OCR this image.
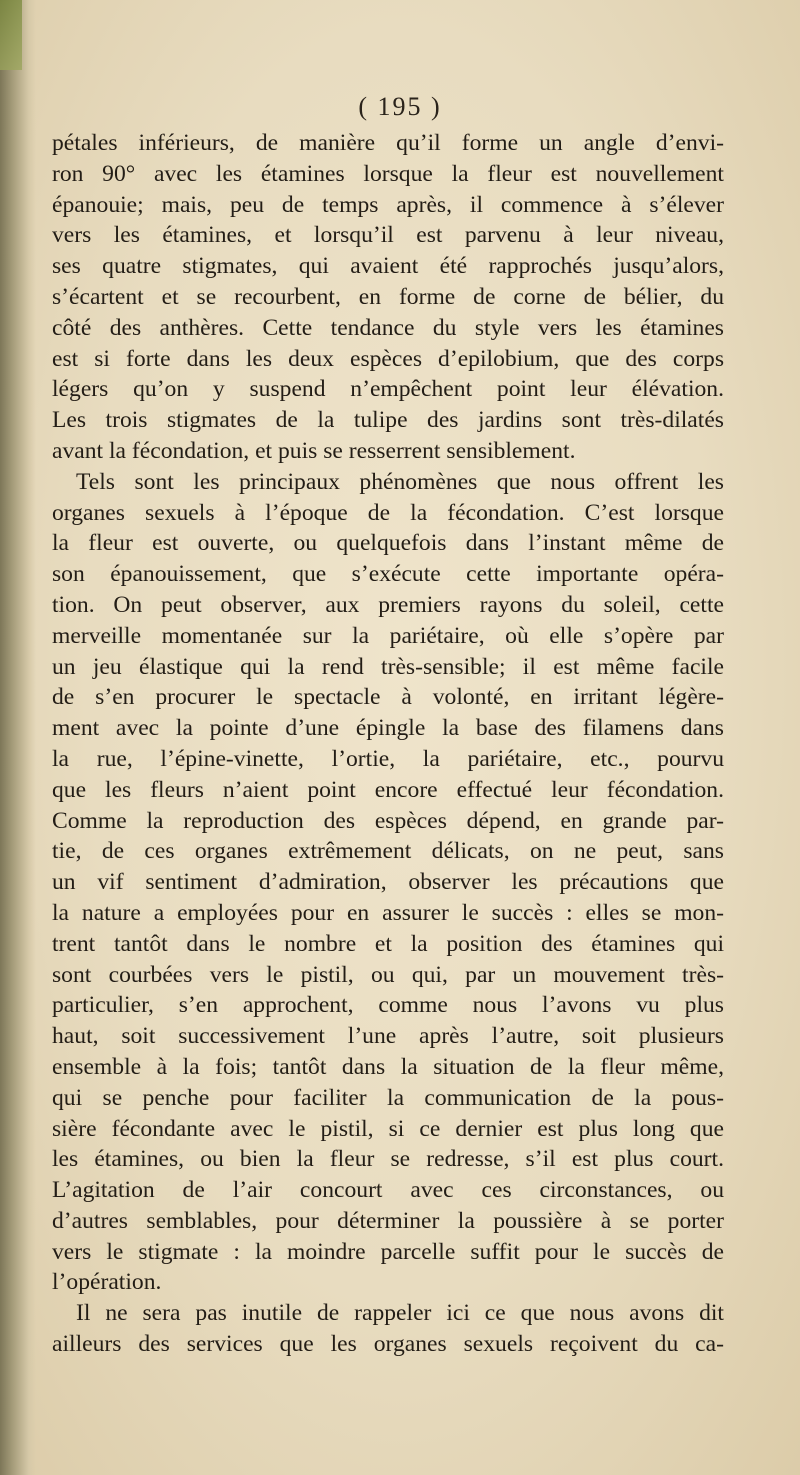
( 195 )
pétales inférieurs, de manière qu’il forme un angle d’envi-
ron 90° avec les étamines lorsque la fleur est nouvellement
épanouie; mais, peu de temps après, il commence à s’élever
vers les étamines, et lorsqu’il est parvenu à leur niveau,
ses quatre stigmates, qui avaient été rapprochés jusqu’alors,
s’écartent et se recourbent, en forme de corne de bélier, du
côté des anthères. Cette tendance du style vers les étamines
est si forte dans les deux espèces d’epilobium, que des corps
légers qu’on y suspend n’empêchent point leur élévation.
Les trois stigmates de la tulipe des jardins sont très-dilatés
avant la fécondation, et puis se resserrent sensiblement.
Tels sont les principaux phénomènes que nous offrent les
organes sexuels à l’époque de la fécondation. C’est lorsque
la fleur est ouverte, ou quelquefois dans l’instant même de
son épanouissement, que s’exécute cette importante opéra-
tion. On peut observer, aux premiers rayons du soleil, cette
merveille momentanée sur la pariétaire, où elle s’opère par
un jeu élastique qui la rend très-sensible; il est même facile
de s’en procurer le spectacle à volonté, en irritant légère-
ment avec la pointe d’une épingle la base des filamens dans
la rue, l’épine-vinette, l’ortie, la pariétaire, etc., pourvu
que les fleurs n’aient point encore effectué leur fécondation.
Comme la reproduction des espèces dépend, en grande par-
tie, de ces organes extrêmement délicats, on ne peut, sans
un vif sentiment d’admiration, observer les précautions que
la nature a employées pour en assurer le succès : elles se mon-
trent tantôt dans le nombre et la position des étamines qui
sont courbées vers le pistil, ou qui, par un mouvement très-
particulier, s’en approchent, comme nous l’avons vu plus
haut, soit successivement l’une après l’autre, soit plusieurs
ensemble à la fois; tantôt dans la situation de la fleur même,
qui se penche pour faciliter la communication de la pous-
sière fécondante avec le pistil, si ce dernier est plus long que
les étamines, ou bien la fleur se redresse, s’il est plus court.
L’agitation de l’air concourt avec ces circonstances, ou
d’autres semblables, pour déterminer la poussière à se porter
vers le stigmate : la moindre parcelle suffit pour le succès de
l’opération.
Il ne sera pas inutile de rappeler ici ce que nous avons dit
ailleurs des services que les organes sexuels reçoivent du ca-
